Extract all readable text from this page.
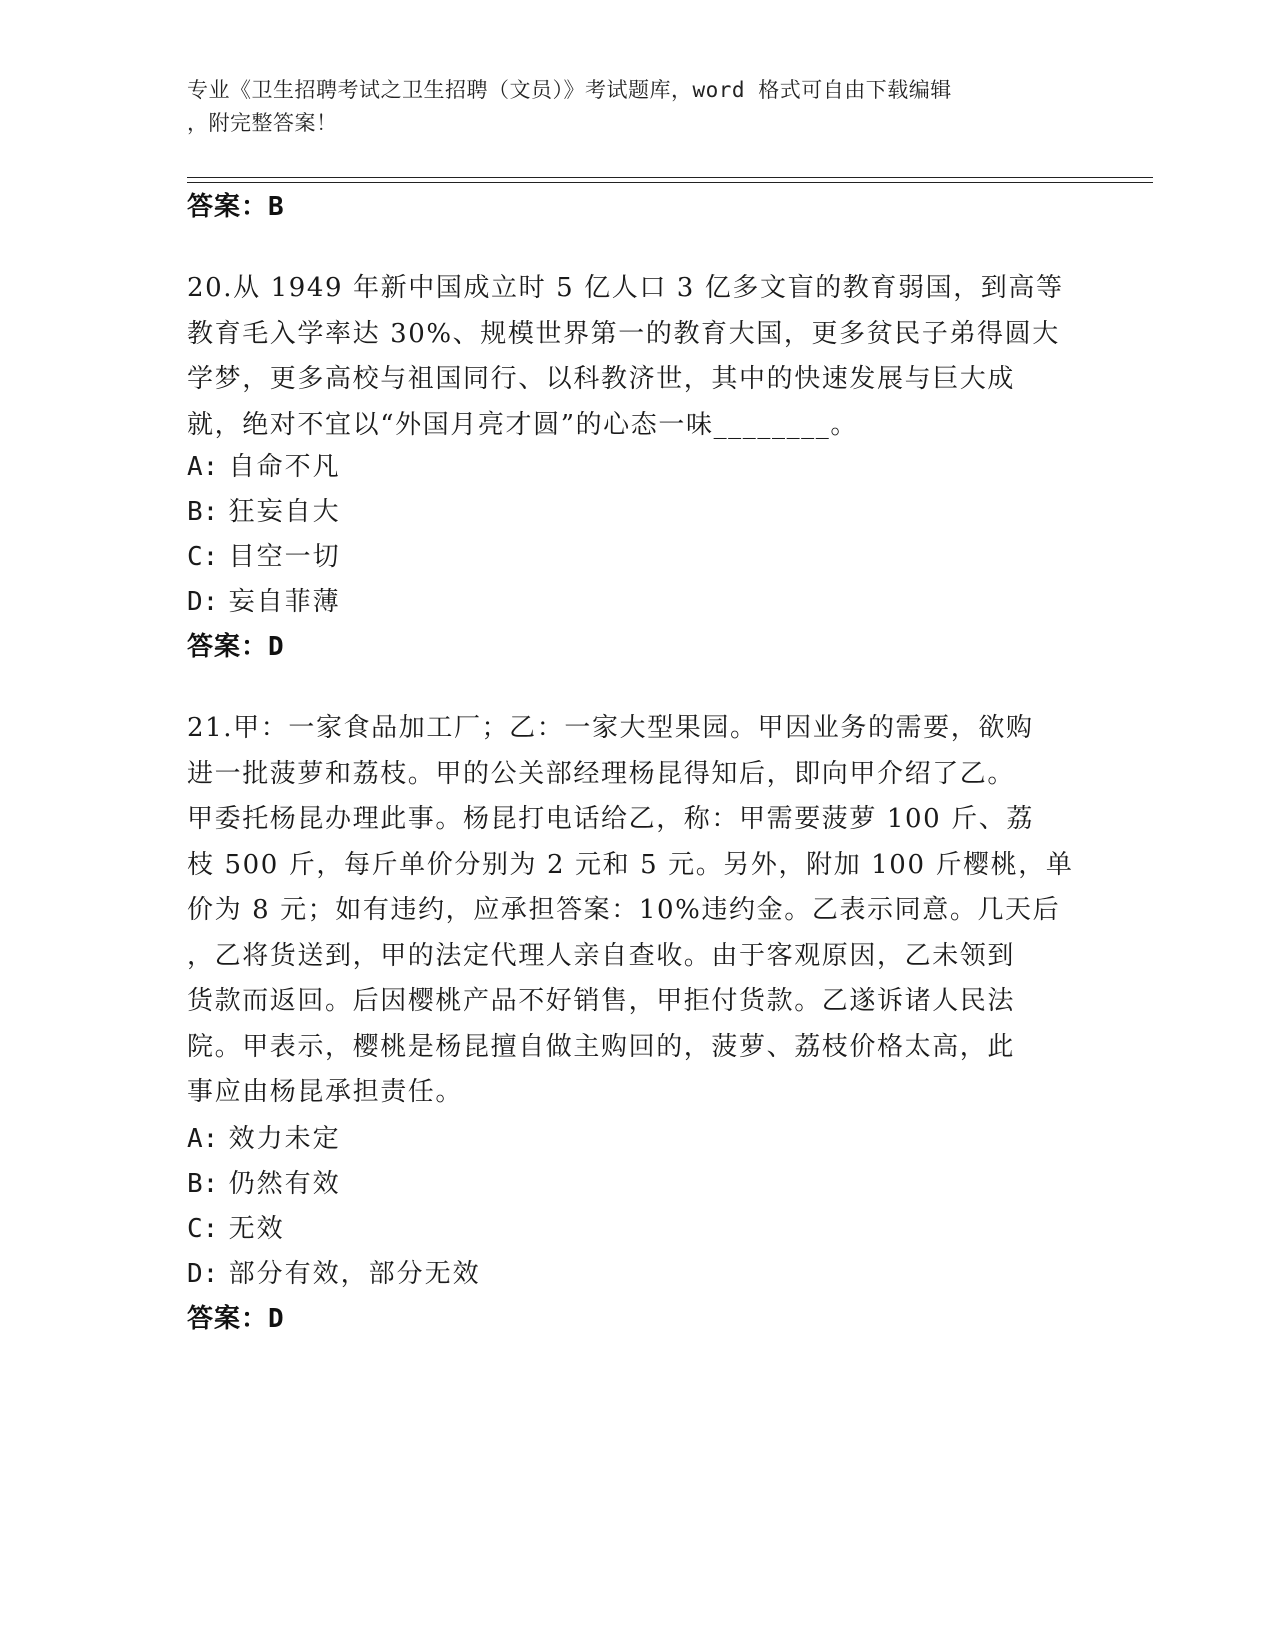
专业《卫生招聘考试之卫生招聘（文员）》考试题库，word 格式可自由下载编辑
，附完整答案！
答案：B
20.从 1949 年新中国成立时 5 亿人口 3 亿多文盲的教育弱国，到高等
教育毛入学率达 30%、规模世界第一的教育大国，更多贫民子弟得圆大
学梦，更多高校与祖国同行、以科教济世，其中的快速发展与巨大成
就，绝对不宜以“外国月亮才圆”的心态一味________。
A: 自命不凡
B: 狂妄自大
C: 目空一切
D: 妄自菲薄
答案：D
21.甲：一家食品加工厂；乙：一家大型果园。甲因业务的需要，欲购
进一批菠萝和荔枝。甲的公关部经理杨昆得知后，即向甲介绍了乙。
甲委托杨昆办理此事。杨昆打电话给乙，称：甲需要菠萝 100 斤、荔
枝 500 斤，每斤单价分别为 2 元和 5 元。另外，附加 100 斤樱桃，单
价为 8 元；如有违约，应承担答案：10%违约金。乙表示同意。几天后
，乙将货送到，甲的法定代理人亲自查收。由于客观原因，乙未领到
货款而返回。后因樱桃产品不好销售，甲拒付货款。乙遂诉诸人民法
院。甲表示，樱桃是杨昆擅自做主购回的，菠萝、荔枝价格太高，此
事应由杨昆承担责任。
A: 效力未定
B: 仍然有效
C: 无效
D: 部分有效，部分无效
答案：D
